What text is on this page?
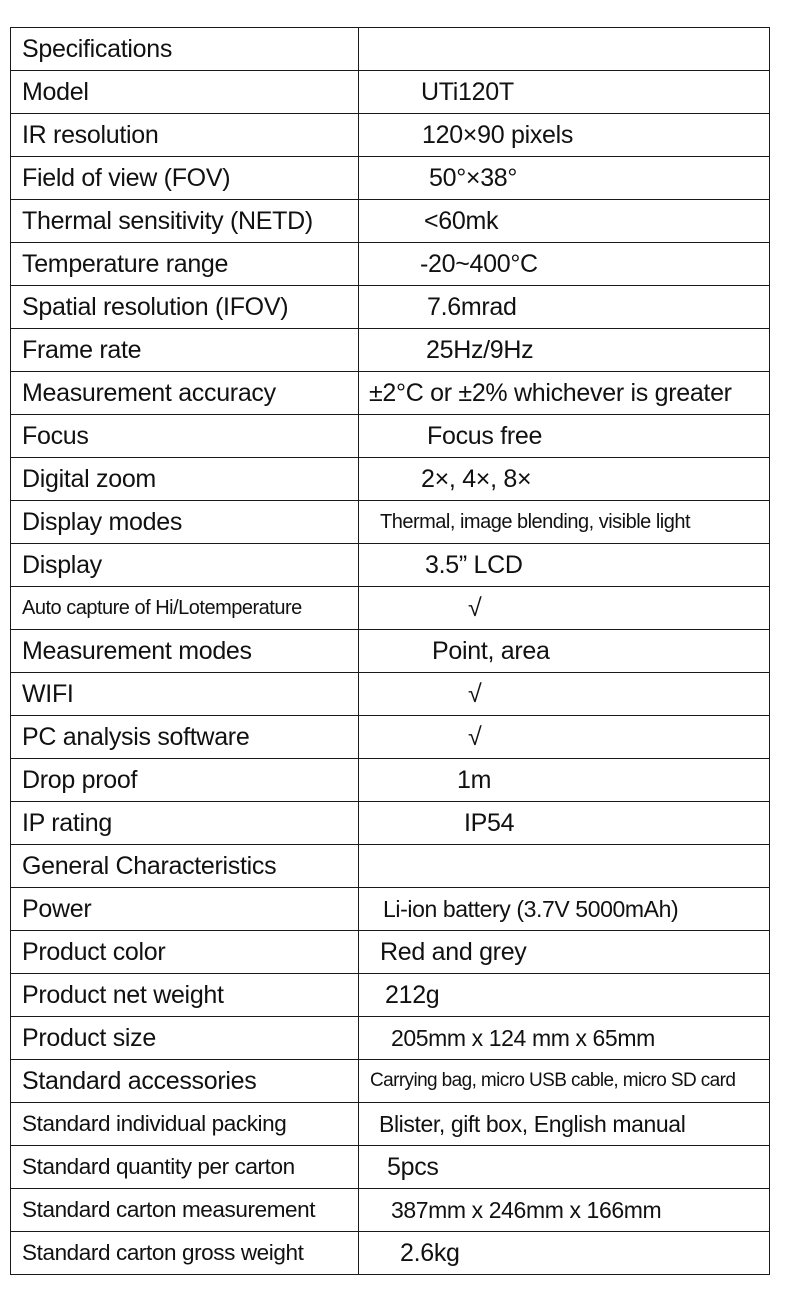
Specifications	
Model	UTi120T
IR resolution	120×90 pixels
Field of view (FOV)	50°×38°
Thermal sensitivity (NETD)	<60mk
Temperature range	-20~400°C
Spatial resolution (IFOV)	7.6mrad
Frame rate	25Hz/9Hz
Measurement accuracy	±2°C or ±2% whichever is greater
Focus	Focus free
Digital zoom	2×, 4×, 8×
Display modes	Thermal, image blending, visible light
Display	3.5” LCD
Auto capture of Hi/Lotemperature	√
Measurement modes	Point, area
WIFI	√
PC analysis software	√
Drop proof	1m
IP rating	IP54
General Characteristics	
Power	Li-ion battery (3.7V 5000mAh)
Product color	Red and grey
Product net weight	212g
Product size	205mm x 124 mm x 65mm
Standard accessories	Carrying bag, micro USB cable, micro SD card
Standard individual packing	Blister, gift box, English manual
Standard quantity per carton	5pcs
Standard carton measurement	387mm x 246mm x 166mm
Standard carton gross weight	2.6kg
